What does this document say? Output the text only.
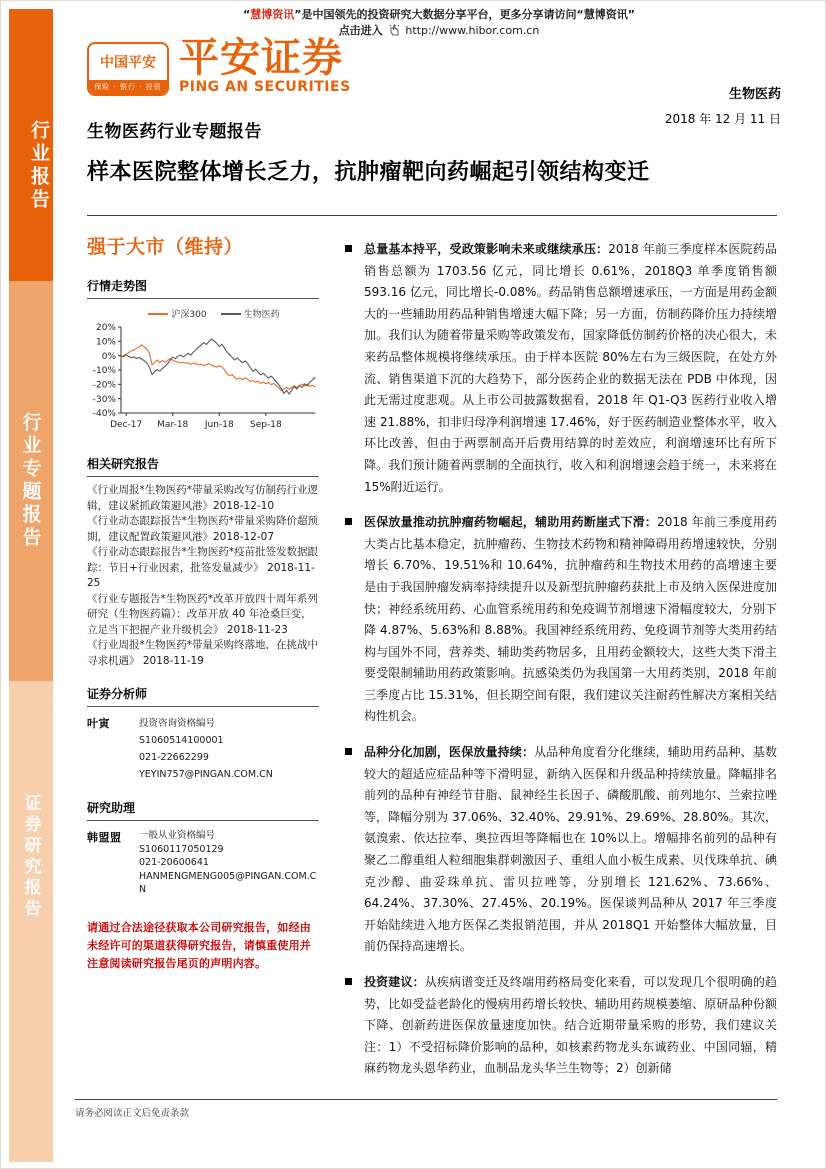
“慧博资讯”是中国领先的投资研究大数据分享平台，更多分享请访问“慧博资讯”
点击进入 http://www.hibor.com.cn
行业报告
行业专题报告
证券研究报告
中国平安
保险 · 银行 · 投资
平安证券
PING AN SECURITIES	生物医药
2018 年 12 月 11 日
生物医药行业专题报告
样本医院整体增长乏力，抗肿瘤靶向药崛起引领结构变迁
强于大市（维持）
行情走势图
沪深300	生物医药
20%
10%
0%
-10%
-20%
-30%
-40%
Dec-17 Mar-18 Jun-18 Sep-18
相关研究报告
《行业周报*生物医药*带量采购改写仿制药行业逻辑，建议紧抓政策避风港》2018-12-10
《行业动态跟踪报告*生物医药*带量采购降价超预期，建议配置政策避风港》2018-12-07
《行业动态跟踪报告*生物医药*疫苗批签发数据跟踪：节日+行业因素，批签发量减少》 2018-11-25
《行业专题报告*生物医药*改革开放四十周年系列研究（生物医药篇）：改革开放 40 年沧桑巨变，立足当下把握产业升级机会》 2018-11-23
《行业周报*生物医药*带量采购终落地，在挑战中寻求机遇》 2018-11-19
证券分析师
叶寅	投资咨询资格编号
S1060514100001
021-22662299
YEYIN757@PINGAN.COM.CN
研究助理
韩盟盟	一般从业资格编号
S1060117050129
021-20600641
HANMENGMENG005@PINGAN.COM.CN
请通过合法途径获取本公司研究报告，如经由未经许可的渠道获得研究报告，请慎重使用并注意阅读研究报告尾页的声明内容。
总量基本持平，受政策影响未来或继续承压：2018 年前三季度样本医院药品销售总额为 1703.56 亿元，同比增长 0.61%，2018Q3 单季度销售额 593.16 亿元，同比增长-0.08%。药品销售总额增速承压，一方面是用药金额大的一些辅助用药品种销售增速大幅下降；另一方面，仿制药降价压力持续增加。我们认为随着带量采购等政策发布，国家降低仿制药价格的决心很大，未来药品整体规模将继续承压。由于样本医院 80%左右为三级医院，在处方外流、销售渠道下沉的大趋势下，部分医药企业的数据无法在 PDB 中体现，因此无需过度悲观。从上市公司披露数据看，2018 年 Q1-Q3 医药行业收入增速 21.88%，扣非归母净利润增速 17.46%，好于医药制造业整体水平，收入环比改善，但由于两票制高开后费用结算的时差效应，利润增速环比有所下降。我们预计随着两票制的全面执行，收入和利润增速会趋于统一，未来将在 15%附近运行。
医保放量推动抗肿瘤药物崛起，辅助用药断崖式下滑：2018 年前三季度用药大类占比基本稳定，抗肿瘤药、生物技术药物和精神障碍用药增速较快，分别增长 6.70%、19.51%和 10.64%，抗肿瘤药和生物技术用药的高增速主要是由于我国肿瘤发病率持续提升以及新型抗肿瘤药获批上市及纳入医保进度加快；神经系统用药、心血管系统用药和免疫调节剂增速下滑幅度较大，分别下降 4.87%、5.63%和 8.88%。我国神经系统用药、免疫调节剂等大类用药结构与国外不同，营养类、辅助类药物居多，且用药金额较大，这些大类下滑主要受限制辅助用药政策影响。抗感染类仍为我国第一大用药类别，2018 年前三季度占比 15.31%，但长期空间有限，我们建议关注耐药性解决方案相关结构性机会。
品种分化加剧，医保放量持续：从品种角度看分化继续，辅助用药品种、基数较大的超适应症品种等下滑明显，新纳入医保和升级品种持续放量。降幅排名前列的品种有神经节苷脂、鼠神经生长因子、磷酸肌酸、前列地尔、兰索拉唑等，降幅分别为 37.06%、32.40%、29.91%、29.69%、28.80%。其次，氨溴索、依达拉奉、奥拉西坦等降幅也在 10%以上。增幅排名前列的品种有聚乙二醇重组人粒细胞集群刺激因子、重组人血小板生成素、贝伐珠单抗、碘克沙醇、曲妥珠单抗、雷贝拉唑等，分别增长 121.62%、73.66%、64.24%、37.30%、27.45%、20.19%。医保谈判品种从 2017 年三季度开始陆续进入地方医保乙类报销范围，并从 2018Q1 开始整体大幅放量，目前仍保持高速增长。
投资建议：从疾病谱变迁及终端用药格局变化来看，可以发现几个很明确的趋势，比如受益老龄化的慢病用药增长较快、辅助用药规模萎缩、原研品种份额下降、创新药进医保放量速度加快。结合近期带量采购的形势，我们建议关注：1）不受招标降价影响的品种，如核素药物龙头东诚药业、中国同辐，精麻药物龙头恩华药业，血制品龙头华兰生物等；2）创新储
请务必阅读正文后免责条款
